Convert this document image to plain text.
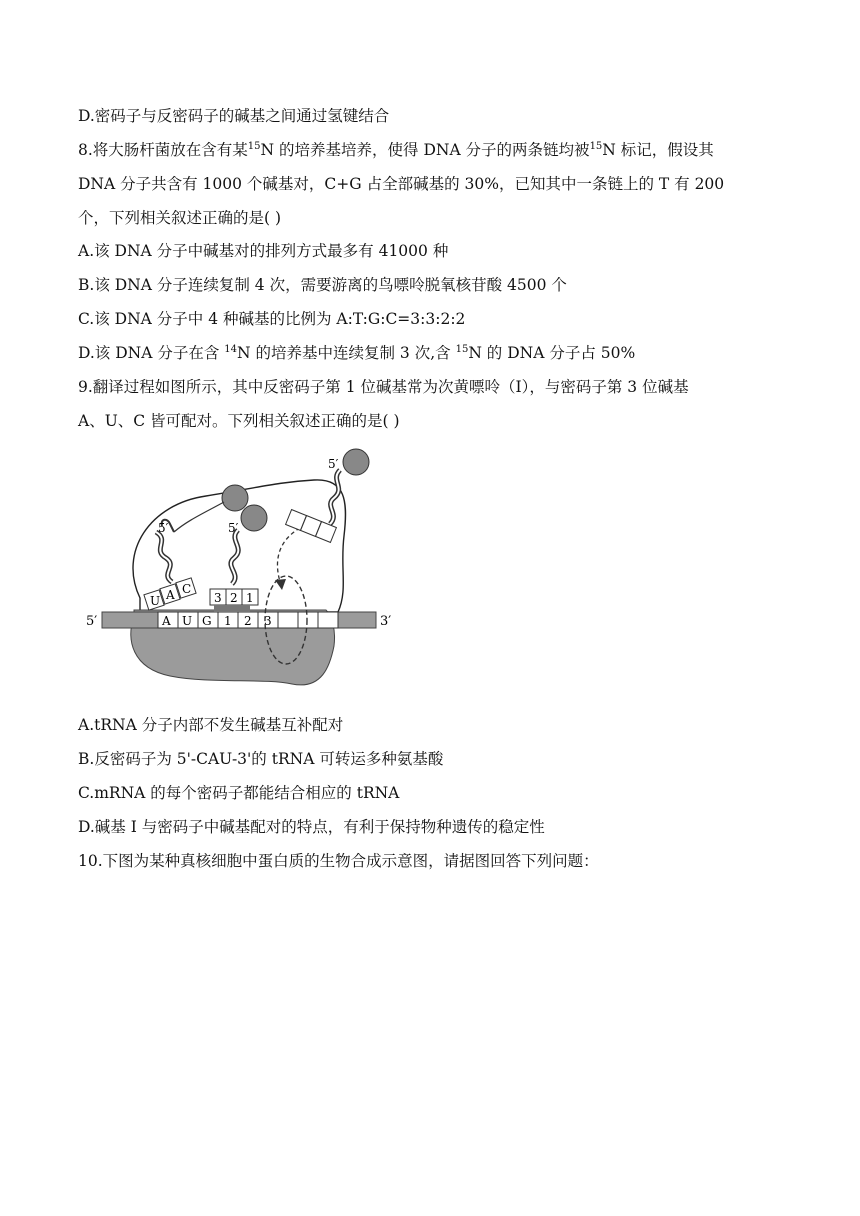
D.密码子与反密码子的碱基之间通过氢键结合
8.将大肠杆菌放在含有某$^{15}$N 的培养基培养，使得 DNA 分子的两条链均被$^{15}$N 标记，假设其
DNA 分子共含有 1000 个碱基对，C+G 占全部碱基的 30%，已知其中一条链上的 T 有 200
个，下列相关叙述正确的是( )
A.该 DNA 分子中碱基对的排列方式最多有 41000 种
B.该 DNA 分子连续复制 4 次，需要游离的鸟嘌呤脱氧核苷酸 4500 个
C.该 DNA 分子中 4 种碱基的比例为 A:T:G:C=3:3:2:2
D.该 DNA 分子在含 $^{14}$N 的培养基中连续复制 3 次,含 $^{15}$N 的 DNA 分子占 50%
9.翻译过程如图所示，其中反密码子第 1 位碱基常为次黄嘌呤（I），与密码子第 3 位碱基
A、U、C 皆可配对。下列相关叙述正确的是( )
5′	3′
A U G 1 2 3
5′
U A C
5′
3 2 1
5′
A.tRNA 分子内部不发生碱基互补配对
B.反密码子为 5'-CAU-3'的 tRNA 可转运多种氨基酸
C.mRNA 的每个密码子都能结合相应的 tRNA
D.碱基 I 与密码子中碱基配对的特点，有利于保持物种遗传的稳定性
10.下图为某种真核细胞中蛋白质的生物合成示意图，请据图回答下列问题：
